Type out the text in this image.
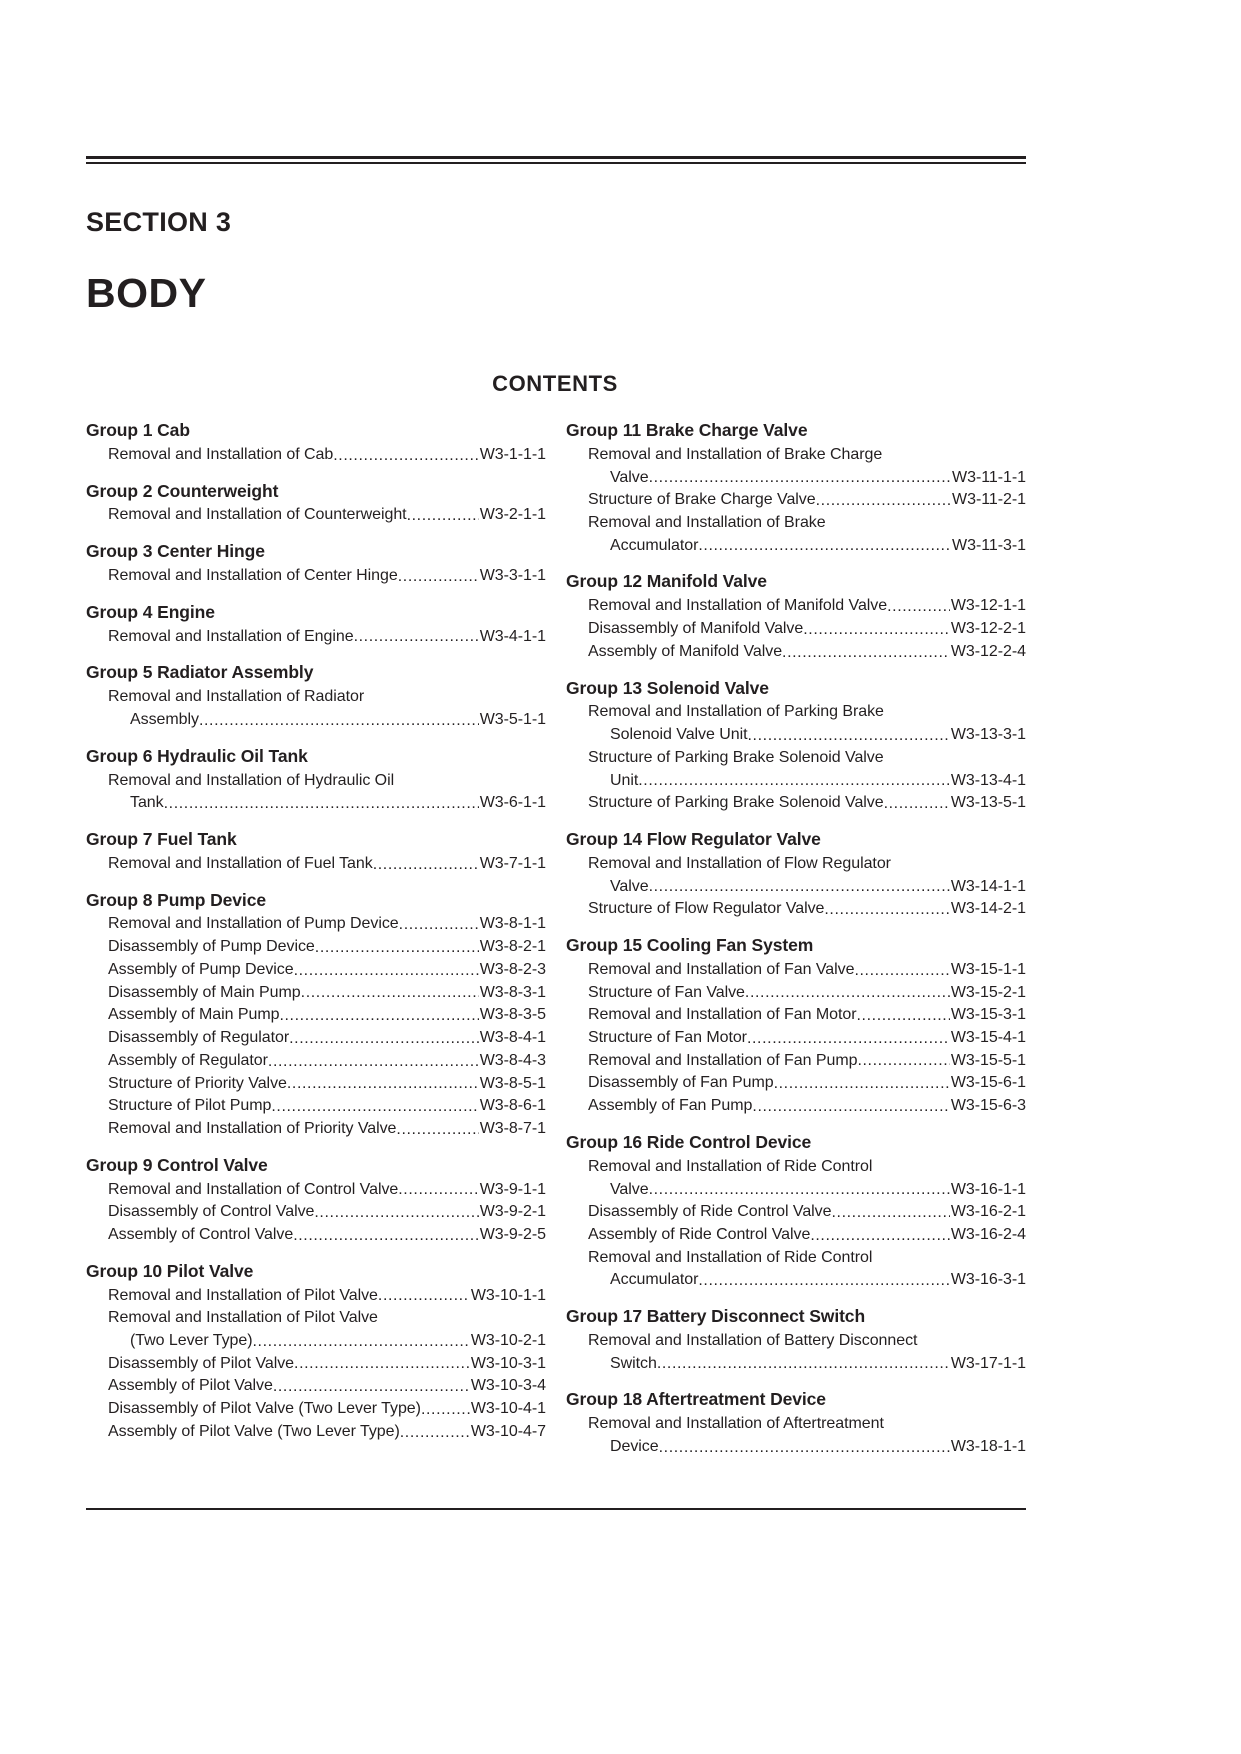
SECTION 3
BODY
CONTENTS
Group 1 Cab
Removal and Installation of Cab .....	W3-1-1-1
Group 2 Counterweight
Removal and Installation of Counterweight .....	W3-2-1-1
Group 3 Center Hinge
Removal and Installation of Center Hinge .....	W3-3-1-1
Group 4 Engine
Removal and Installation of Engine .....	W3-4-1-1
Group 5 Radiator Assembly
Removal and Installation of Radiator
Assembly .....	W3-5-1-1
Group 6 Hydraulic Oil Tank
Removal and Installation of Hydraulic Oil
Tank .....	W3-6-1-1
Group 7 Fuel Tank
Removal and Installation of Fuel Tank .....	W3-7-1-1
Group 8 Pump Device
Removal and Installation of Pump Device .....	W3-8-1-1
Disassembly of Pump Device .....	W3-8-2-1
Assembly of Pump Device .....	W3-8-2-3
Disassembly of Main Pump .....	W3-8-3-1
Assembly of Main Pump .....	W3-8-3-5
Disassembly of Regulator .....	W3-8-4-1
Assembly of Regulator .....	W3-8-4-3
Structure of Priority Valve .....	W3-8-5-1
Structure of Pilot Pump .....	W3-8-6-1
Removal and Installation of Priority Valve .....	W3-8-7-1
Group 9 Control Valve
Removal and Installation of Control Valve .....	W3-9-1-1
Disassembly of Control Valve .....	W3-9-2-1
Assembly of Control Valve .....	W3-9-2-5
Group 10 Pilot Valve
Removal and Installation of Pilot Valve .....	W3-10-1-1
Removal and Installation of Pilot Valve
(Two Lever Type) .....	W3-10-2-1
Disassembly of Pilot Valve .....	W3-10-3-1
Assembly of Pilot Valve .....	W3-10-3-4
Disassembly of Pilot Valve (Two Lever Type) .....	W3-10-4-1
Assembly of Pilot Valve (Two Lever Type) .....	W3-10-4-7
Group 11 Brake Charge Valve
Removal and Installation of Brake Charge
Valve .....	W3-11-1-1
Structure of Brake Charge Valve .....	W3-11-2-1
Removal and Installation of Brake
Accumulator .....	W3-11-3-1
Group 12 Manifold Valve
Removal and Installation of Manifold Valve .....	W3-12-1-1
Disassembly of Manifold Valve .....	W3-12-2-1
Assembly of Manifold Valve .....	W3-12-2-4
Group 13 Solenoid Valve
Removal and Installation of Parking Brake
Solenoid Valve Unit .....	W3-13-3-1
Structure of Parking Brake Solenoid Valve
Unit .....	W3-13-4-1
Structure of Parking Brake Solenoid Valve .....	W3-13-5-1
Group 14 Flow Regulator Valve
Removal and Installation of Flow Regulator
Valve .....	W3-14-1-1
Structure of Flow Regulator Valve .....	W3-14-2-1
Group 15 Cooling Fan System
Removal and Installation of Fan Valve .....	W3-15-1-1
Structure of Fan Valve .....	W3-15-2-1
Removal and Installation of Fan Motor .....	W3-15-3-1
Structure of Fan Motor .....	W3-15-4-1
Removal and Installation of Fan Pump .....	W3-15-5-1
Disassembly of Fan Pump .....	W3-15-6-1
Assembly of Fan Pump .....	W3-15-6-3
Group 16 Ride Control Device
Removal and Installation of Ride Control
Valve .....	W3-16-1-1
Disassembly of Ride Control Valve .....	W3-16-2-1
Assembly of Ride Control Valve .....	W3-16-2-4
Removal and Installation of Ride Control
Accumulator .....	W3-16-3-1
Group 17 Battery Disconnect Switch
Removal and Installation of Battery Disconnect
Switch .....	W3-17-1-1
Group 18 Aftertreatment Device
Removal and Installation of Aftertreatment
Device .....	W3-18-1-1
